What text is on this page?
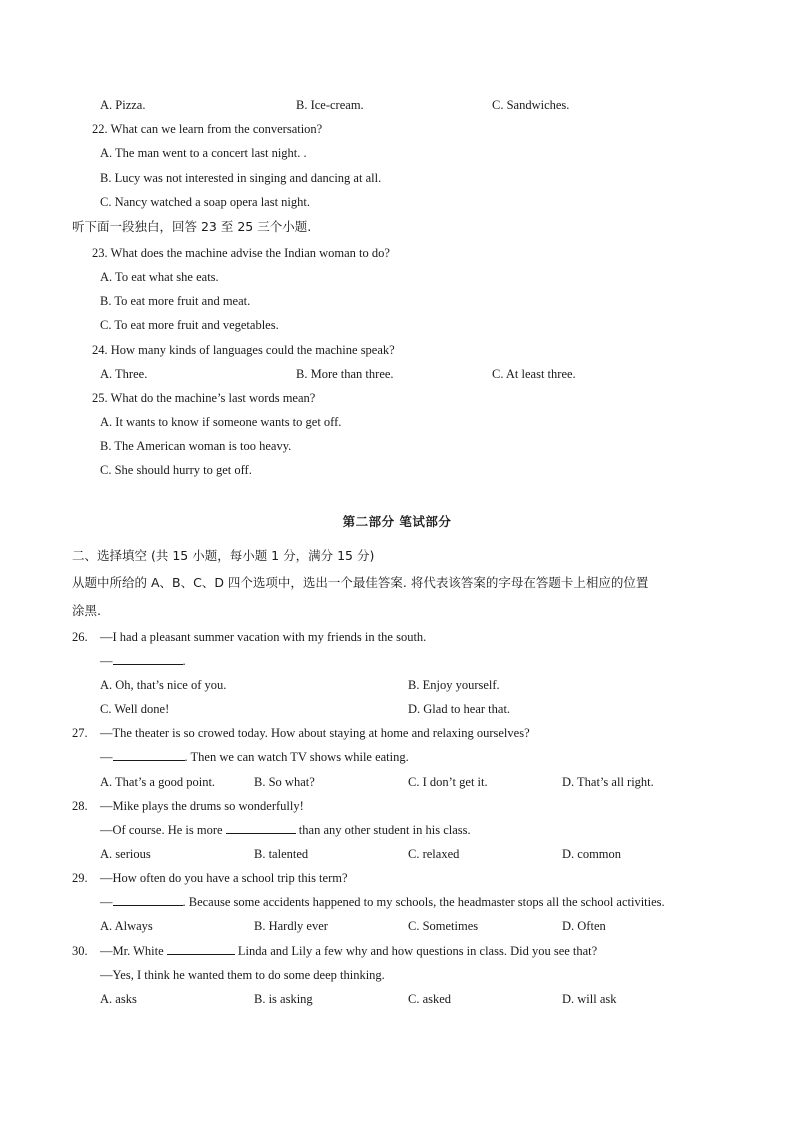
A. Pizza.	B. Ice-cream.	C. Sandwiches.
22. What can we learn from the conversation?
A. The man went to a concert last night. .
B. Lucy was not interested in singing and dancing at all.
C. Nancy watched a soap opera last night.
听下面一段独白，回答 23 至 25 三个小题.
23. What does the machine advise the Indian woman to do?
A. To eat what she eats.
B. To eat more fruit and meat.
C. To eat more fruit and vegetables.
24. How many kinds of languages could the machine speak?
A. Three.	B. More than three.	C. At least three.
25. What do the machine’s last words mean?
A. It wants to know if someone wants to get off.
B. The American woman is too heavy.
C. She should hurry to get off.
第二部分 笔试部分
二、选择填空 (共 15 小题，每小题 1 分，满分 15 分)
从题中所给的 A、B、C、D 四个选项中，选出一个最佳答案. 将代表该答案的字母在答题卡上相应的位置
涂黑.
26. —I had a pleasant summer vacation with my friends in the south.
—	.
A. Oh, that’s nice of you.	B. Enjoy yourself.
C. Well done!	D. Glad to hear that.
27. —The theater is so crowed today. How about staying at home and relaxing ourselves?
—	. Then we can watch TV shows while eating.
A. That’s a good point.	B. So what?	C. I don’t get it.	D. That’s all right.
28. —Mike plays the drums so wonderfully!
—Of course. He is more	than any other student in his class.
A. serious	B. talented	C. relaxed	D. common
29. —How often do you have a school trip this term?
—	. Because some accidents happened to my schools, the headmaster stops all the school activities.
A. Always	B. Hardly ever	C. Sometimes	D. Often
30. —Mr. White	Linda and Lily a few why and how questions in class. Did you see that?
—Yes, I think he wanted them to do some deep thinking.
A. asks	B. is asking	C. asked	D. will ask
